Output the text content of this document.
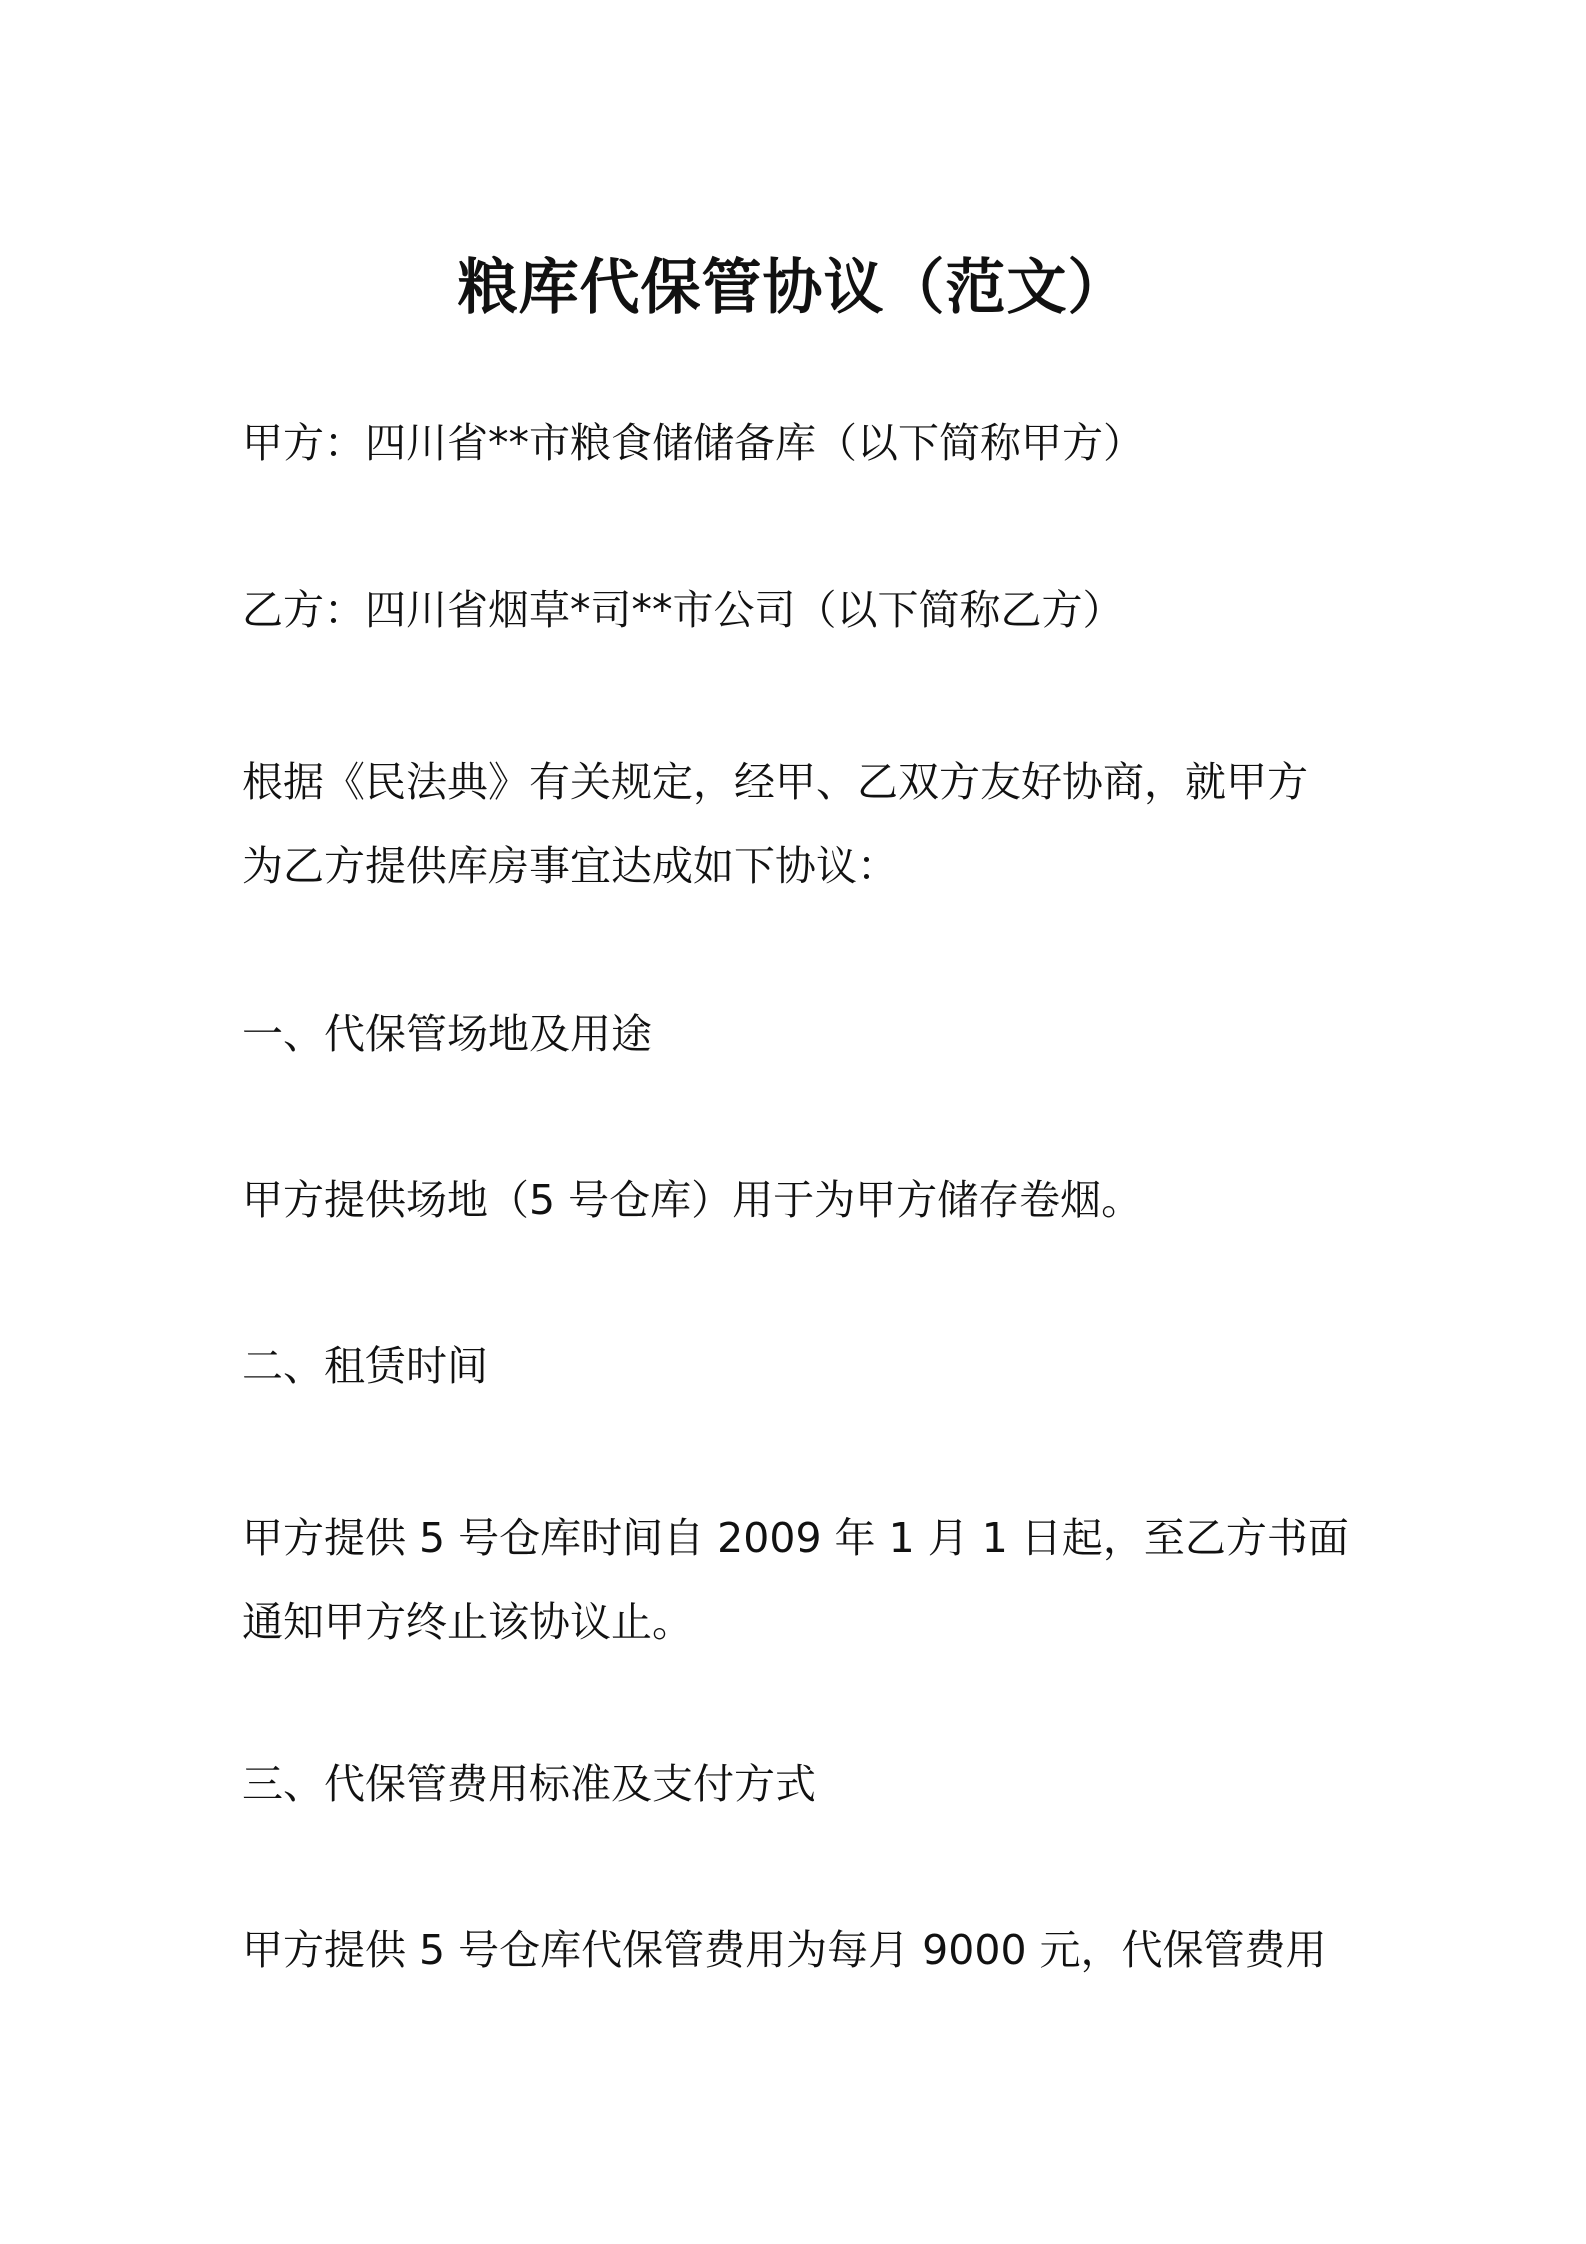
粮库代保管协议（范文）

甲方：四川省**市粮食储储备库（以下简称甲方）

乙方：四川省烟草*司**市公司（以下简称乙方）

根据《民法典》有关规定，经甲、乙双方友好协商，就甲方
为乙方提供库房事宜达成如下协议：

一、代保管场地及用途

甲方提供场地（5 号仓库）用于为甲方储存卷烟。

二、租赁时间

甲方提供 5 号仓库时间自 2009 年 1 月 1 日起，至乙方书面
通知甲方终止该协议止。

三、代保管费用标准及支付方式

甲方提供 5 号仓库代保管费用为每月 9000 元，代保管费用
